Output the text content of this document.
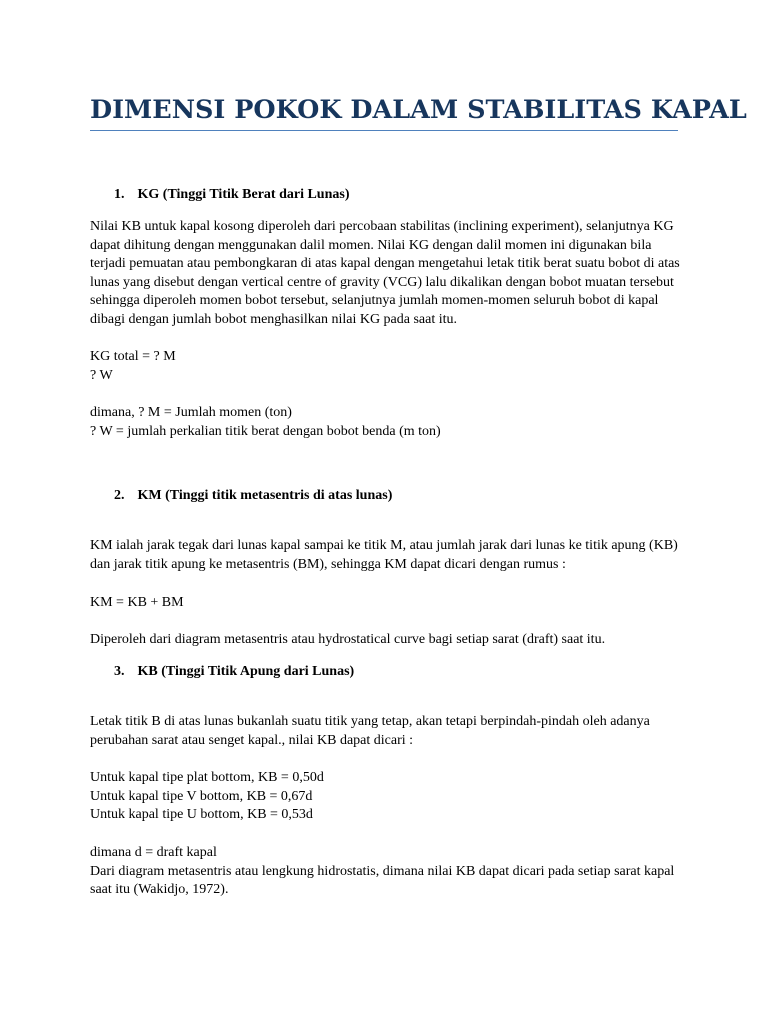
DIMENSI POKOK DALAM STABILITAS KAPAL
1. KG (Tinggi Titik Berat dari Lunas)
Nilai KB untuk kapal kosong diperoleh dari percobaan stabilitas (inclining experiment), selanjutnya KG
dapat dihitung dengan menggunakan dalil momen. Nilai KG dengan dalil momen ini digunakan bila
terjadi pemuatan atau pembongkaran di atas kapal dengan mengetahui letak titik berat suatu bobot di atas
lunas yang disebut dengan vertical centre of gravity (VCG) lalu dikalikan dengan bobot muatan tersebut
sehingga diperoleh momen bobot tersebut, selanjutnya jumlah momen-momen seluruh bobot di kapal
dibagi dengan jumlah bobot menghasilkan nilai KG pada saat itu.
KG total = ? M
? W
dimana, ? M = Jumlah momen (ton)
? W = jumlah perkalian titik berat dengan bobot benda (m ton)
2. KM (Tinggi titik metasentris di atas lunas)
KM ialah jarak tegak dari lunas kapal sampai ke titik M, atau jumlah jarak dari lunas ke titik apung (KB)
dan jarak titik apung ke metasentris (BM), sehingga KM dapat dicari dengan rumus :
KM = KB + BM
Diperoleh dari diagram metasentris atau hydrostatical curve bagi setiap sarat (draft) saat itu.
3. KB (Tinggi Titik Apung dari Lunas)
Letak titik B di atas lunas bukanlah suatu titik yang tetap, akan tetapi berpindah-pindah oleh adanya
perubahan sarat atau senget kapal., nilai KB dapat dicari :
Untuk kapal tipe plat bottom, KB = 0,50d
Untuk kapal tipe V bottom, KB = 0,67d
Untuk kapal tipe U bottom, KB = 0,53d
dimana d = draft kapal
Dari diagram metasentris atau lengkung hidrostatis, dimana nilai KB dapat dicari pada setiap sarat kapal
saat itu (Wakidjo, 1972).
